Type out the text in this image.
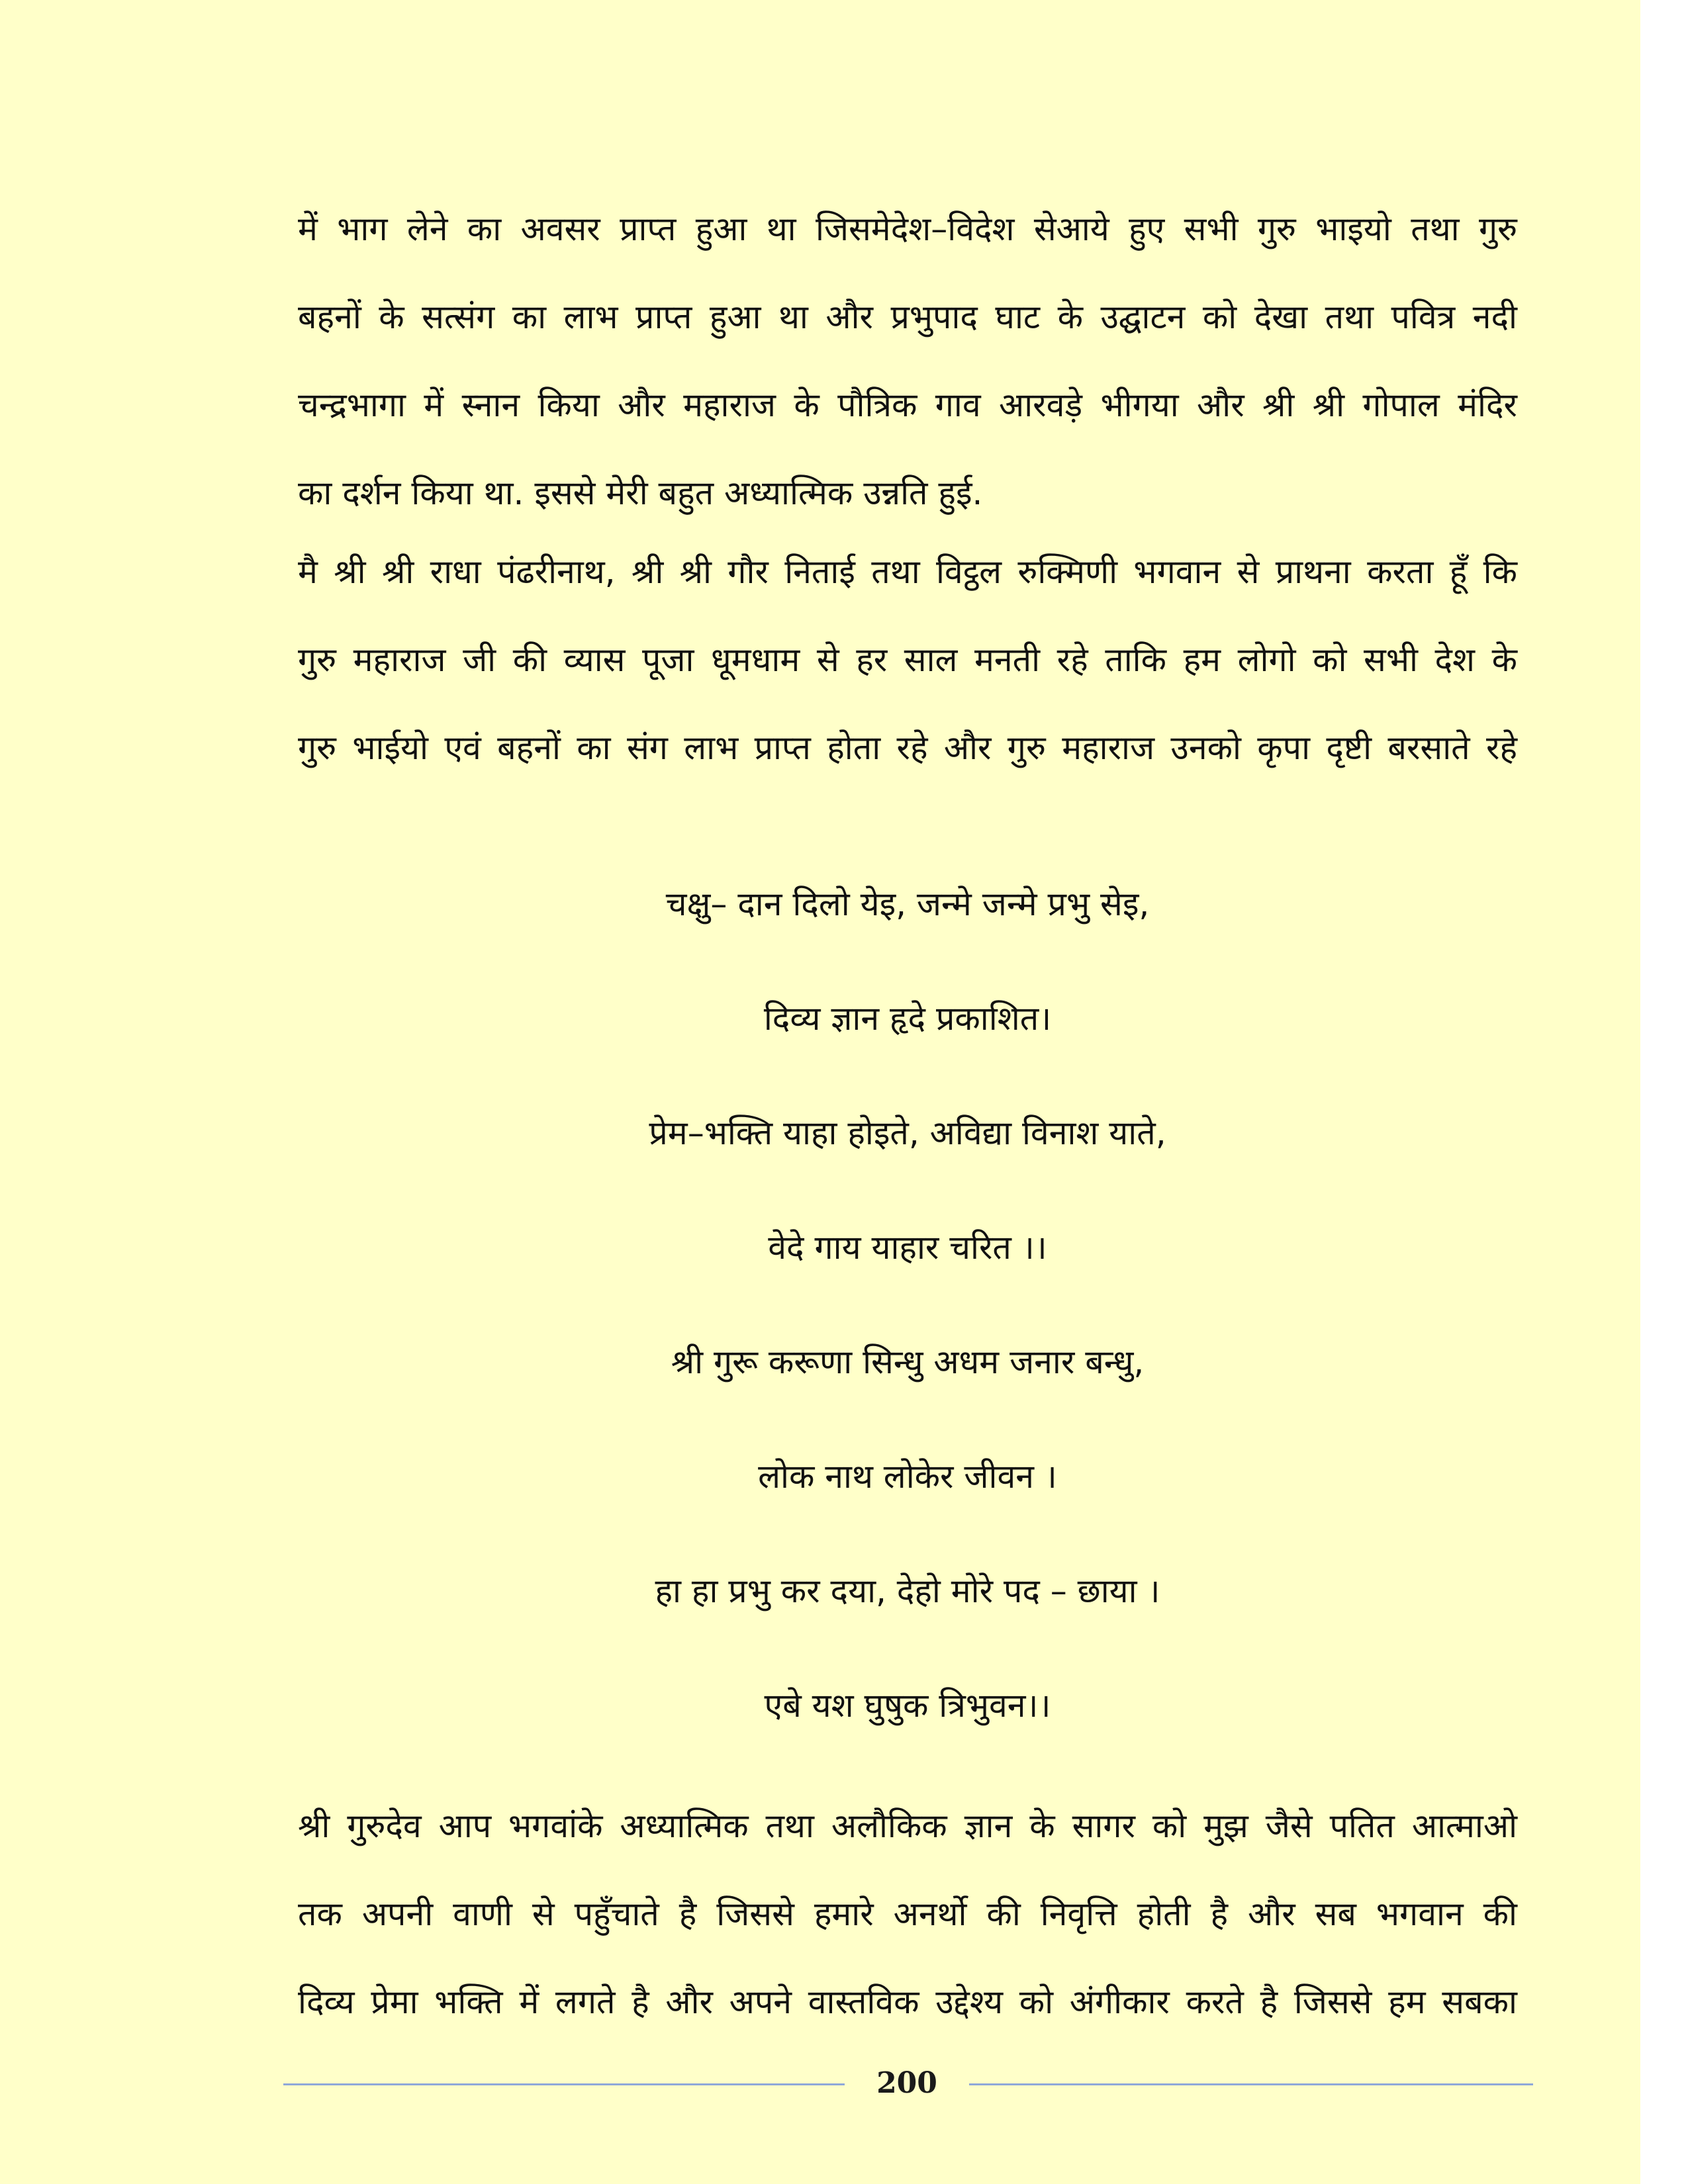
में भाग लेने का अवसर प्राप्त हुआ था जिसमेदेश–विदेश सेआये हुए सभी गुरु भाइयो तथा गुरु
बहनों के सत्संग का लाभ प्राप्त हुआ था और प्रभुपाद घाट के उद्घाटन को देखा तथा पवित्र नदी
चन्द्रभागा में स्नान किया और महाराज के पौत्रिक गाव आरवड़े भीगया और श्री श्री गोपाल मंदिर
का दर्शन किया था. इससे मेरी बहुत अध्यात्मिक उन्नति हुई.

मै श्री श्री राधा पंढरीनाथ, श्री श्री गौर निताई तथा विट्ठल रुक्मिणी भगवान से प्राथना करता हूँ कि
गुरु महाराज जी की व्यास पूजा धूमधाम से हर साल मनती रहे ताकि हम लोगो को सभी देश के
गुरु भाईयो एवं बहनों का संग लाभ प्राप्त होता रहे और गुरु महाराज उनको कृपा दृष्टी बरसाते रहे

चक्षु– दान दिलो येइ, जन्मे जन्मे प्रभु सेइ,
दिव्य ज्ञान हृदे प्रकाशित।
प्रेम–भक्ति याहा होइते, अविद्या विनाश याते,
वेदे गाय याहार चरित ।।
श्री गुरू करूणा सिन्धु अधम जनार बन्धु,
लोक नाथ लोकेर जीवन ।
हा हा प्रभु कर दया, देहो मोरे पद – छाया ।
एबे यश घुषुक त्रिभुवन।।

श्री गुरुदेव आप भगवांके अध्यात्मिक तथा अलौकिक ज्ञान के सागर को मुझ जैसे पतित आत्माओ
तक अपनी वाणी से पहुँचाते है जिससे हमारे अनर्थो की निवृत्ति होती है और सब भगवान की
दिव्य प्रेमा भक्ति में लगते है और अपने वास्तविक उद्देश्य को अंगीकार करते है जिससे हम सबका

200
